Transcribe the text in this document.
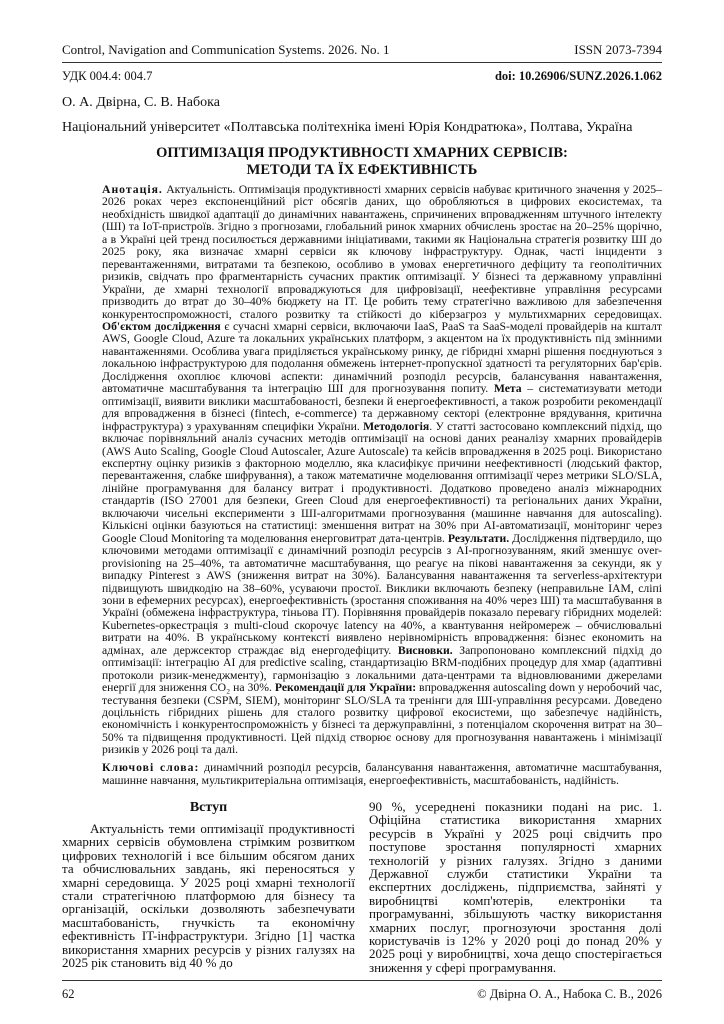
Control, Navigation and Communication Systems. 2026. No. 1	ISSN 2073-7394
УДК 004.4: 004.7	doi: 10.26906/SUNZ.2026.1.062
О. А. Двірна, С. В. Набока
Національний університет «Полтавська політехніка імені Юрія Кондратюка», Полтава, Україна
ОПТИМІЗАЦІЯ ПРОДУКТИВНОСТІ ХМАРНИХ СЕРВІСІВ:
МЕТОДИ ТА ЇХ ЕФЕКТИВНІСТЬ
Анотація. Актуальність. Оптимізація продуктивності хмарних сервісів набуває критичного значення у 2025–2026 роках через експоненційний ріст обсягів даних, що обробляються в цифрових екосистемах, та необхідність швидкої адаптації до динамічних навантажень, спричинених впровадженням штучного інтелекту (ШІ) та IoT-пристроїв. Згідно з прогнозами, глобальний ринок хмарних обчислень зростає на 20–25% щорічно, а в Україні цей тренд посилюється державними ініціативами, такими як Національна стратегія розвитку ШІ до 2025 року, яка визначає хмарні сервіси як ключову інфраструктуру. Однак, часті інциденти з перевантаженнями, витратами та безпекою, особливо в умовах енергетичного дефіциту та геополітичних ризиків, свідчать про фрагментарність сучасних практик оптимізації. У бізнесі та державному управлінні України, де хмарні технології впроваджуються для цифровізації, неефективне управління ресурсами призводить до втрат до 30–40% бюджету на IT. Це робить тему стратегічно важливою для забезпечення конкурентоспроможності, сталого розвитку та стійкості до кіберзагроз у мультихмарних середовищах. Об'єктом дослідження є сучасні хмарні сервіси, включаючи IaaS, PaaS та SaaS-моделі провайдерів на кшталт AWS, Google Cloud, Azure та локальних українських платформ, з акцентом на їх продуктивність під змінними навантаженнями. Особлива увага приділяється українському ринку, де гібридні хмарні рішення поєднуються з локальною інфраструктурою для подолання обмежень інтернет-пропускної здатності та регуляторних бар'єрів. Дослідження охоплює ключові аспекти: динамічний розподіл ресурсів, балансування навантаження, автоматичне масштабування та інтеграцію ШІ для прогнозування попиту. Мета – систематизувати методи оптимізації, виявити виклики масштабованості, безпеки й енергоефективності, а також розробити рекомендації для впровадження в бізнесі (fintech, e-commerce) та державному секторі (електронне врядування, критична інфраструктура) з урахуванням специфіки України. Методологія. У статті застосовано комплексний підхід, що включає порівняльний аналіз сучасних методів оптимізації на основі даних реаналізу хмарних провайдерів (AWS Auto Scaling, Google Cloud Autoscaler, Azure Autoscale) та кейсів впровадження в 2025 році. Використано експертну оцінку ризиків з факторною моделлю, яка класифікує причини неефективності (людський фактор, перевантаження, слабке шифрування), а також математичне моделювання оптимізації через метрики SLO/SLA, лінійне програмування для балансу витрат і продуктивності. Додатково проведено аналіз міжнародних стандартів (ISO 27001 для безпеки, Green Cloud для енергоефективності) та регіональних даних України, включаючи чисельні експерименти з ШІ-алгоритмами прогнозування (машинне навчання для autoscaling). Кількісні оцінки базуються на статистиці: зменшення витрат на 30% при AI-автоматизації, моніторинг через Google Cloud Monitoring та моделювання енерговитрат дата-центрів. Результати. Дослідження підтвердило, що ключовими методами оптимізації є динамічний розподіл ресурсів з AI-прогнозуванням, який зменшує over-provisioning на 25–40%, та автоматичне масштабування, що реагує на пікові навантаження за секунди, як у випадку Pinterest з AWS (зниження витрат на 30%). Балансування навантаження та serverless-архітектури підвищують швидкодію на 38–60%, усуваючи простої. Виклики включають безпеку (неправильне IAM, сліпі зони в ефемерних ресурсах), енергоефективність (зростання споживання на 40% через ШІ) та масштабування в Україні (обмежена інфраструктура, тіньова IT). Порівняння провайдерів показало перевагу гібридних моделей: Kubernetes-оркестрація з multi-cloud скорочує latency на 40%, а квантування нейромереж – обчислювальні витрати на 40%. В українському контексті виявлено нерівномірність впровадження: бізнес економить на адмінах, але держсектор страждає від енергодефіциту. Висновки. Запропоновано комплексний підхід до оптимізації: інтеграцію AI для predictive scaling, стандартизацію BRM-подібних процедур для хмар (адаптивні протоколи ризик-менеджменту), гармонізацію з локальними дата-центрами та відновлюваними джерелами енергії для зниження CO₂ на 30%. Рекомендації для України: впровадження autoscaling down у неробочий час, тестування безпеки (CSPM, SIEM), моніторинг SLO/SLA та тренінги для ШІ-управління ресурсами. Доведено доцільність гібридних рішень для сталого розвитку цифрової екосистеми, що забезпечує надійність, економічність і конкурентоспроможність у бізнесі та держуправлінні, з потенціалом скорочення витрат на 30–50% та підвищення продуктивності. Цей підхід створює основу для прогнозування навантажень і мінімізації ризиків у 2026 році та далі.
Ключові слова: динамічний розподіл ресурсів, балансування навантаження, автоматичне масштабування, машинне навчання, мультикритеріальна оптимізація, енергоефективність, масштабованість, надійність.

Вступ

Актуальність теми оптимізації продуктивності хмарних сервісів обумовлена стрімким розвитком цифрових технологій і все більшим обсягом даних та обчислювальних завдань, які переносяться у хмарні середовища. У 2025 році хмарні технології стали стратегічною платформою для бізнесу та організацій, оскільки дозволяють забезпечувати масштабованість, гнучкість та економічну ефективність IT-інфраструктури. Згідно [1] частка використання хмарних ресурсів у різних галузях на 2025 рік становить від 40 % до

90 %, усереднені показники подані на рис. 1. Офіційна статистика використання хмарних ресурсів в Україні у 2025 році свідчить про поступове зростання популярності хмарних технологій у різних галузях. Згідно з даними Державної служби статистики України та експертних досліджень, підприємства, зайняті у виробництві комп'ютерів, електроніки та програмуванні, збільшують частку використання хмарних послуг, прогнозуючи зростання долі користувачів із 12% у 2020 році до понад 20% у 2025 році у виробництві, хоча дещо спостерігається зниження у сфері програмування.

62	© Двірна О. А., Набока С. В., 2026
